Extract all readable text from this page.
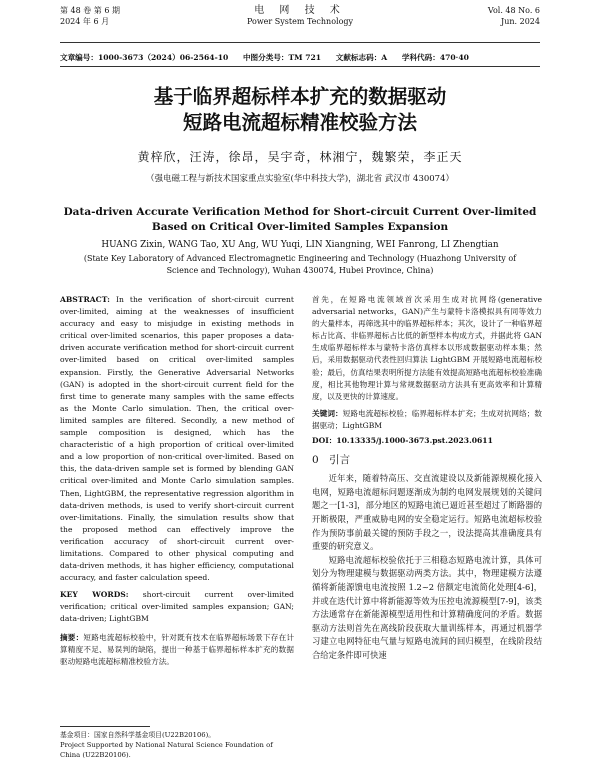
第 48 卷 第 6 期
2024 年 6 月
电 网 技 术
Power System Technology
Vol. 48 No. 6
Jun. 2024
文章编号：1000-3673（2024）06-2564-10 中图分类号：TM 721 文献标志码：A 学科代码：470·40
基于临界超标样本扩充的数据驱动
短路电流超标精准校验方法
黄梓欣，汪涛，徐昂，吴宇奇，林湘宁，魏繁荣，李正天
（强电磁工程与新技术国家重点实验室(华中科技大学)，湖北省 武汉市 430074）
Data-driven Accurate Verification Method for Short-circuit Current Over-limited
Based on Critical Over-limited Samples Expansion
HUANG Zixin, WANG Tao, XU Ang, WU Yuqi, LIN Xiangning, WEI Fanrong, LI Zhengtian
(State Key Laboratory of Advanced Electromagnetic Engineering and Technology (Huazhong University of
Science and Technology), Wuhan 430074, Hubei Province, China)

ABSTRACT: In the verification of short-circuit current over-limited, aiming at the weaknesses of insufficient accuracy and easy to misjudge in existing methods in critical over-limited scenarios, this paper proposes a data-driven accurate verification method for short-circuit current over-limited based on critical over-limited samples expansion. Firstly, the Generative Adversarial Networks (GAN) is adopted in the short-circuit current field for the first time to generate many samples with the same effects as the Monte Carlo simulation. Then, the critical over-limited samples are filtered. Secondly, a new method of sample composition is designed, which has the characteristic of a high proportion of critical over-limited and a low proportion of non-critical over-limited. Based on this, the data-driven sample set is formed by blending GAN critical over-limited and Monte Carlo simulation samples. Then, LightGBM, the representative regression algorithm in data-driven methods, is used to verify short-circuit current over-limitations. Finally, the simulation results show that the proposed method can effectively improve the verification accuracy of short-circuit current over-limitations. Compared to other physical computing and data-driven methods, it has higher efficiency, computational accuracy, and faster calculation speed.

KEY WORDS: short-circuit current over-limited verification; critical over-limited samples expansion; GAN; data-driven; LightGBM

摘要：短路电流超标校验中，针对既有技术在临界超标场景下存在计算精度不足、易误判的缺陷，提出一种基于临界超标样本扩充的数据驱动短路电流超标精准校验方法。

基金项目：国家自然科学基金项目(U22B20106)。
Project Supported by National Natural Science Foundation of China (U22B20106).

首先，在短路电流领域首次采用生成对抗网络(generative adversarial networks，GAN)产生与蒙特卡洛模拟具有同等效力的大量样本，再筛选其中的临界超标样本；其次，设计了一种临界超标占比高、非临界超标占比低的新型样本构成方式，并据此将 GAN 生成临界超标样本与蒙特卡洛仿真样本以形成数据驱动样本集；然后，采用数据驱动代表性回归算法 LightGBM 开展短路电流超标校验；最后，仿真结果表明所提方法能有效提高短路电流超标校验准确度，相比其他物理计算与常规数据驱动方法具有更高效率和计算精度，以及更快的计算速度。

关键词：短路电流超标校验；临界超标样本扩充；生成对抗网络；数据驱动；LightGBM

DOI：10.13335/j.1000-3673.pst.2023.0611

0　引言

近年来，随着特高压、交直流建设以及新能源规模化接入电网，短路电流超标问题逐渐成为制约电网发展规划的关键问题之一[1-3]，部分地区的短路电流已逼近甚至超过了断路器的开断极限，严重威胁电网的安全稳定运行。短路电流超标校验作为预防事前最关键的预防手段之一，设法提高其准确度具有重要的研究意义。

短路电流超标校验依托于三相稳态短路电流计算，具体可划分为物理建模与数据驱动两类方法。其中，物理建模方法遵循将新能源馈电电流按照 1.2~2 倍额定电流简化处理[4-6]，并或在迭代计算中将新能源等效为压控电流源模型[7-9]，该类方法通常存在新能源模型适用性和计算精确度问的矛盾。数据驱动方法则首先在离线阶段获取大量训练样本，再通过机器学习建立电网特征电气量与短路电流间的回归模型，在线阶段结合给定条件即可快速
